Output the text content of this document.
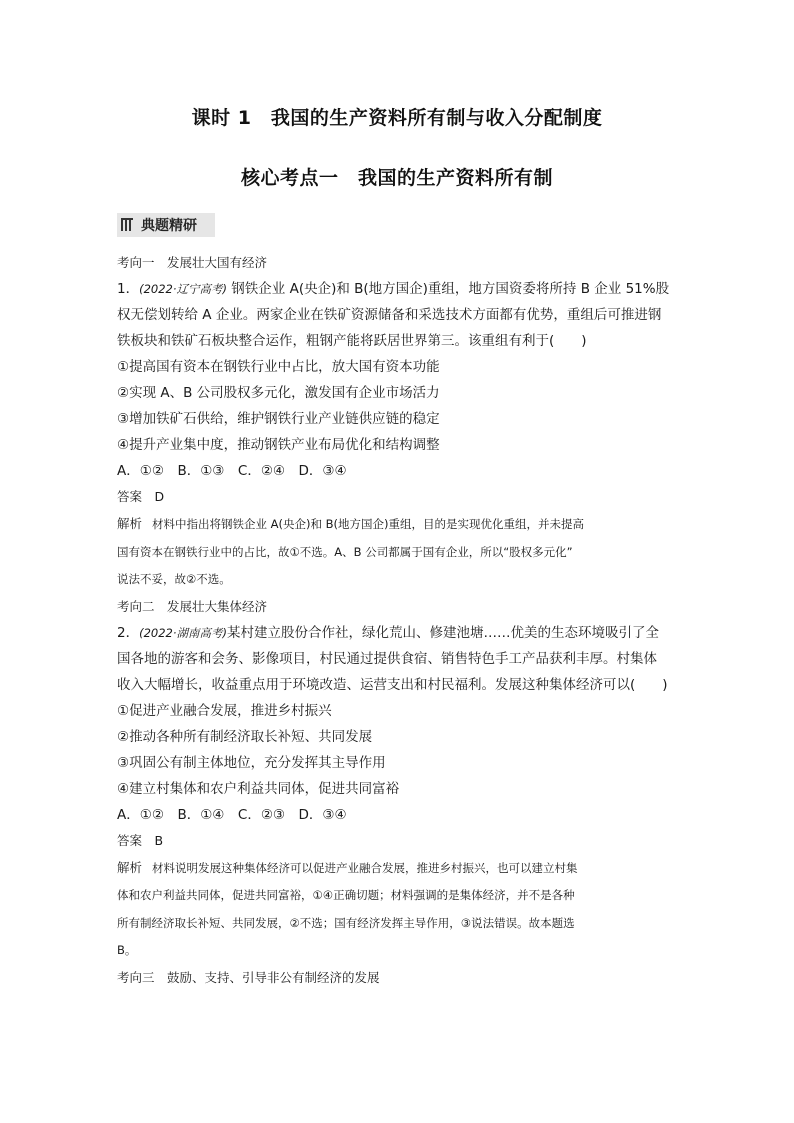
课时 1　我国的生产资料所有制与收入分配制度
核心考点一　我国的生产资料所有制
典题精研
考向一　发展壮大国有经济
1．(2022·辽宁高考) 钢铁企业 A(央企)和 B(地方国企)重组，地方国资委将所持 B 企业 51%股
权无偿划转给 A 企业。两家企业在铁矿资源储备和采选技术方面都有优势，重组后可推进钢
铁板块和铁矿石板块整合运作，粗钢产能将跃居世界第三。该重组有利于(　　)
①提高国有资本在钢铁行业中占比，放大国有资本功能
②实现 A、B 公司股权多元化，激发国有企业市场活力
③增加铁矿石供给，维护钢铁行业产业链供应链的稳定
④提升产业集中度，推动钢铁产业布局优化和结构调整
A．①②　B．①③　C．②④　D．③④
答案　D
解析 材料中指出将钢铁企业 A(央企)和 B(地方国企)重组，目的是实现优化重组，并未提高
国有资本在钢铁行业中的占比，故①不选。A、B 公司都属于国有企业，所以“股权多元化”
说法不妥，故②不选。
考向二　发展壮大集体经济
2．(2022·湖南高考)某村建立股份合作社，绿化荒山、修建池塘……优美的生态环境吸引了全
国各地的游客和会务、影像项目，村民通过提供食宿、销售特色手工产品获利丰厚。村集体
收入大幅增长，收益重点用于环境改造、运营支出和村民福利。发展这种集体经济可以(　　)
①促进产业融合发展，推进乡村振兴
②推动各种所有制经济取长补短、共同发展
③巩固公有制主体地位，充分发挥其主导作用
④建立村集体和农户利益共同体，促进共同富裕
A．①②　B．①④　C．②③　D．③④
答案　B
解析 材料说明发展这种集体经济可以促进产业融合发展，推进乡村振兴，也可以建立村集
体和农户利益共同体，促进共同富裕，①④正确切题；材料强调的是集体经济，并不是各种
所有制经济取长补短、共同发展，②不选；国有经济发挥主导作用，③说法错误。故本题选
B。
考向三　鼓励、支持、引导非公有制经济的发展
